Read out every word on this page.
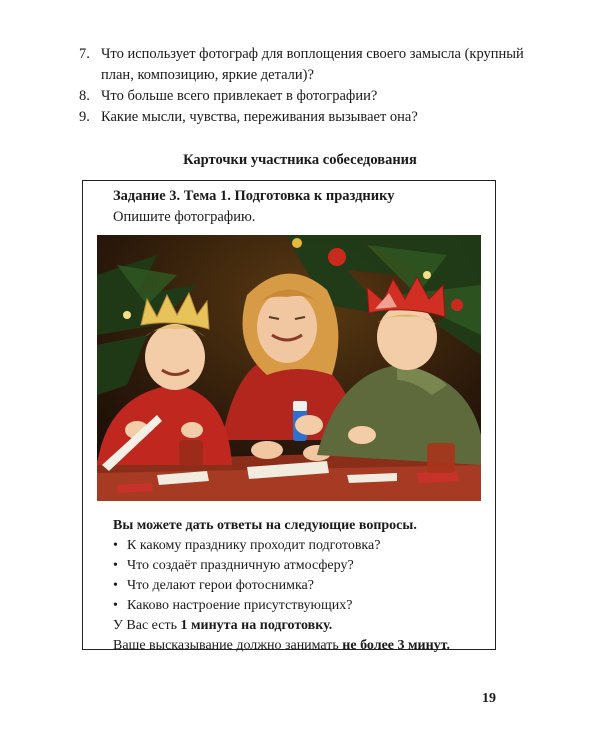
7. Что использует фотограф для воплощения своего замысла (крупный план, композицию, яркие детали)?
8. Что больше всего привлекает в фотографии?
9. Какие мысли, чувства, переживания вызывает она?
Карточки участника собеседования
Задание 3. Тема 1. Подготовка к празднику
Опишите фотографию.
Вы можете дать ответы на следующие вопросы.
• К какому празднику проходит подготовка?
• Что создаёт праздничную атмосферу?
• Что делают герои фотоснимка?
• Каково настроение присутствующих?
У Вас есть 1 минута на подготовку.
Ваше высказывание должно занимать не более 3 минут.
19
